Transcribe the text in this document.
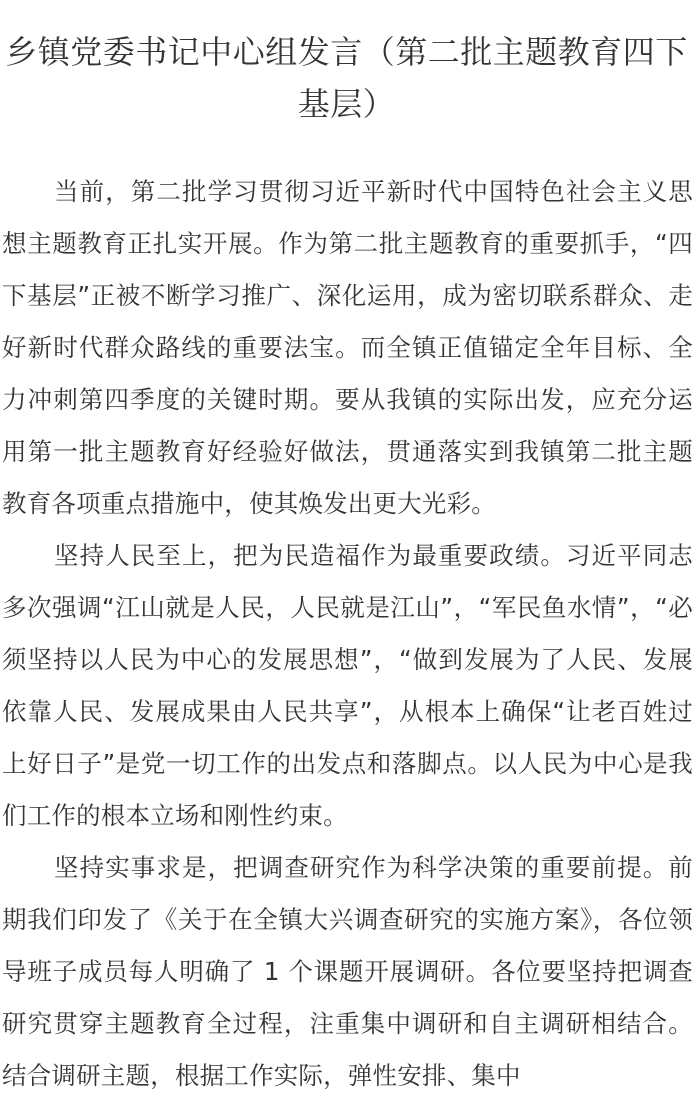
乡镇党委书记中心组发言（第二批主题教育四下基层）

当前，第二批学习贯彻习近平新时代中国特色社会主义思想主题教育正扎实开展。作为第二批主题教育的重要抓手，“四下基层”正被不断学习推广、深化运用，成为密切联系群众、走好新时代群众路线的重要法宝。而全镇正值锚定全年目标、全力冲刺第四季度的关键时期。要从我镇的实际出发，应充分运用第一批主题教育好经验好做法，贯通落实到我镇第二批主题教育各项重点措施中，使其焕发出更大光彩。

坚持人民至上，把为民造福作为最重要政绩。习近平同志多次强调“江山就是人民，人民就是江山”，“军民鱼水情”，“必须坚持以人民为中心的发展思想”，“做到发展为了人民、发展依靠人民、发展成果由人民共享”，从根本上确保“让老百姓过上好日子”是党一切工作的出发点和落脚点。以人民为中心是我们工作的根本立场和刚性约束。

坚持实事求是，把调查研究作为科学决策的重要前提。前期我们印发了《关于在全镇大兴调查研究的实施方案》，各位领导班子成员每人明确了 1 个课题开展调研。各位要坚持把调查研究贯穿主题教育全过程，注重集中调研和自主调研相结合。结合调研主题，根据工作实际，弹性安排、集中
